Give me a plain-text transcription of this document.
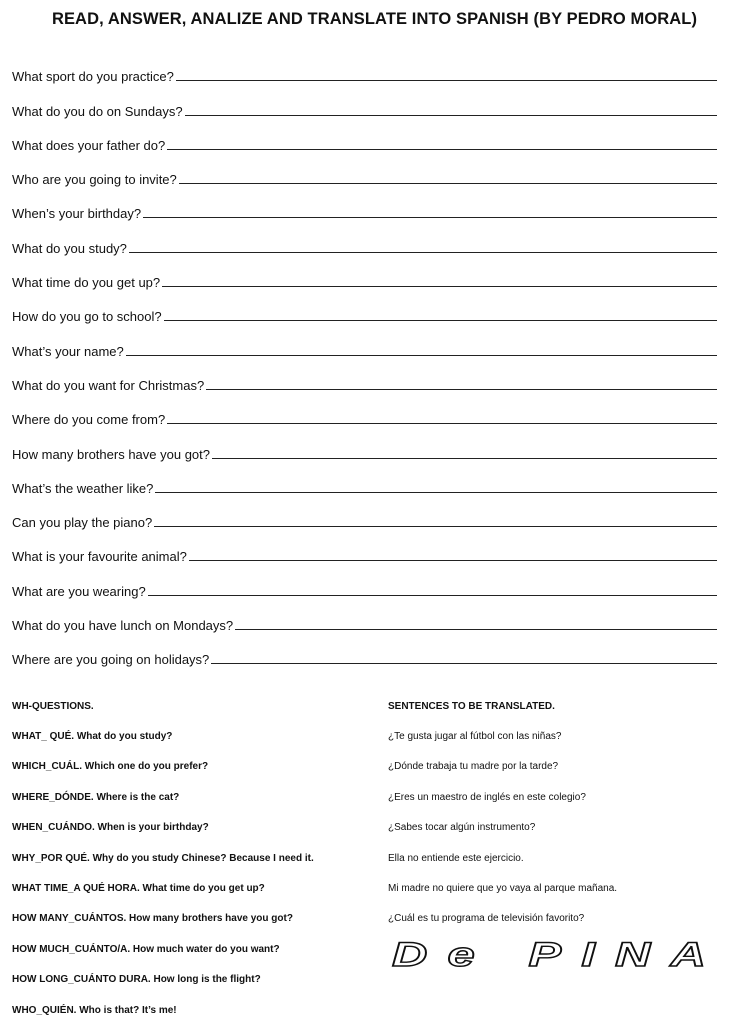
READ, ANSWER, ANALIZE AND TRANSLATE INTO SPANISH (BY PEDRO MORAL)
What sport do you practice?
What do you do on Sundays?
What does your father do?
Who are you going to invite?
When’s your birthday?
What do you study?
What time do you get up?
How do you go to school?
What’s your name?
What do you want for Christmas?
Where do you come from?
How many brothers have you got?
What’s the weather like?
Can you play the piano?
What is your favourite animal?
What are you wearing?
What do you have lunch on Mondays?
Where are you going on holidays?
WH-QUESTIONS.
WHAT_ QUÉ. What do you study?
WHICH_CUÁL. Which one do you prefer?
WHERE_DÓNDE. Where is the cat?
WHEN_CUÁNDO. When is your birthday?
WHY_POR QUÉ. Why do you study Chinese? Because I need it.
WHAT TIME_A QUÉ HORA. What time do you get up?
HOW MANY_CUÁNTOS. How many brothers have you got?
HOW MUCH_CUÁNTO/A. How much water do you want?
HOW LONG_CUÁNTO DURA. How long is the flight?
WHO_QUIÉN. Who is that? It’s me!
SENTENCES TO BE TRANSLATED.
¿Te gusta jugar al fútbol con las niñas?
¿Dónde trabaja tu madre por la tarde?
¿Eres un maestro de inglés en este colegio?
¿Sabes tocar algún instrumento?
Ella no entiende este ejercicio.
Mi madre no quiere que yo vaya al parque mañana.
¿Cuál es tu programa de televisión favorito?
De PINA
